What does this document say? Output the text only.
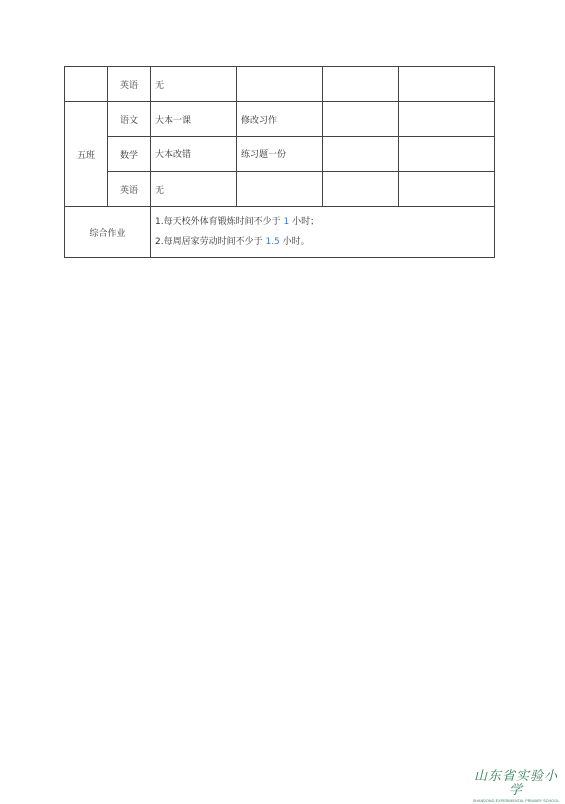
	英语	无			
五班	语文	大本一课	修改习作		
	数学	大本改错	练习题一份		
	英语	无			
综合作业		1.每天校外体育锻炼时间不少于 1 小时；
2.每周居家劳动时间不少于 1.5 小时。			
山东省实验小学
SHANDONG EXPERIMENTAL PRIMARY SCHOOL
